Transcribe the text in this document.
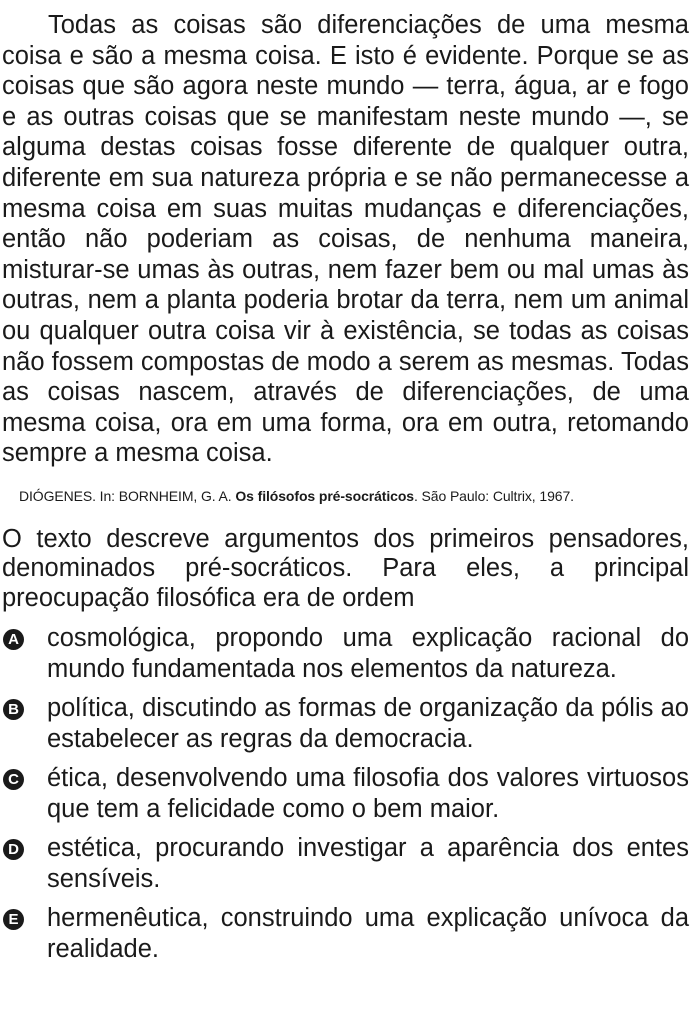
Todas as coisas são diferenciações de uma mesma coisa e são a mesma coisa. E isto é evidente. Porque se as coisas que são agora neste mundo — terra, água, ar e fogo e as outras coisas que se manifestam neste mundo —, se alguma destas coisas fosse diferente de qualquer outra, diferente em sua natureza própria e se não permanecesse a mesma coisa em suas muitas mudanças e diferenciações, então não poderiam as coisas, de nenhuma maneira, misturar-se umas às outras, nem fazer bem ou mal umas às outras, nem a planta poderia brotar da terra, nem um animal ou qualquer outra coisa vir à existência, se todas as coisas não fossem compostas de modo a serem as mesmas. Todas as coisas nascem, através de diferenciações, de uma mesma coisa, ora em uma forma, ora em outra, retomando sempre a mesma coisa.

DIÓGENES. In: BORNHEIM, G. A. Os filósofos pré-socráticos. São Paulo: Cultrix, 1967.

O texto descreve argumentos dos primeiros pensadores, denominados pré-socráticos. Para eles, a principal preocupação filosófica era de ordem

A cosmológica, propondo uma explicação racional do mundo fundamentada nos elementos da natureza.
B política, discutindo as formas de organização da pólis ao estabelecer as regras da democracia.
C ética, desenvolvendo uma filosofia dos valores virtuosos que tem a felicidade como o bem maior.
D estética, procurando investigar a aparência dos entes sensíveis.
E hermenêutica, construindo uma explicação unívoca da realidade.
